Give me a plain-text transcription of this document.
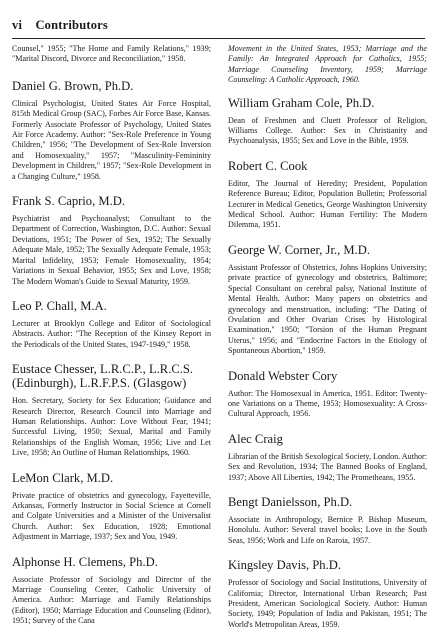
vi Contributors

Counsel," 1955; "The Home and Family Relations," 1939; "Marital Discord, Divorce and Reconciliation," 1958.

Daniel G. Brown, Ph.D.

Clinical Psychologist, United States Air Force Hospital, 815th Medical Group (SAC), Forbes Air Force Base, Kansas. Formerly Associate Professor of Psychology, United States Air Force Academy. Author: "Sex-Role Preference in Young Children," 1956; "The Development of Sex-Role Inversion and Homosexuality," 1957; "Masculinity-Femininity Development in Children," 1957; "Sex-Role Development in a Changing Culture," 1958.

Frank S. Caprio, M.D.

Psychiatrist and Psychoanalyst; Consultant to the Department of Correction, Washington, D.C. Author: Sexual Deviations, 1951; The Power of Sex, 1952; The Sexually Adequate Male, 1952; The Sexually Adequate Female, 1953; Marital Infidelity, 1953; Female Homosexuality, 1954; Variations in Sexual Behavior, 1955; Sex and Love, 1958; The Modern Woman's Guide to Sexual Maturity, 1959.

Leo P. Chall, M.A.

Lecturer at Brooklyn College and Editor of Sociological Abstracts. Author: "The Reception of the Kinsey Report in the Periodicals of the United States, 1947-1949," 1958.

Eustace Chesser, L.R.C.P., L.R.C.S. (Edinburgh), L.R.F.P.S. (Glasgow)

Hon. Secretary, Society for Sex Education; Guidance and Research Director, Research Council into Marriage and Human Relationships. Author: Love Without Fear, 1941; Successful Living, 1950; Sexual, Marital and Family Relationships of the English Woman, 1956; Live and Let Live, 1958; An Outline of Human Relationships, 1960.

LeMon Clark, M.D.

Private practice of obstetrics and gynecology, Fayetteville, Arkansas, Formerly Instructor in Social Science at Cornell and Colgate Universities and a Minister of the Universalist Church. Author: Sex Education, 1928; Emotional Adjustment in Marriage, 1937; Sex and You, 1949.

Alphonse H. Clemens, Ph.D.

Associate Professor of Sociology and Director of the Marriage Counseling Center, Catholic University of America. Author: Marriage and Family Relationships (Editor), 1950; Marriage Education and Counseling (Editor), 1951; Survey of the Cana

Movement in the United States, 1953; Marriage and the Family: An Integrated Approach for Catholics, 1955; Marriage Counseling Inventory, 1959; Marriage Counseling: A Catholic Approach, 1960.

William Graham Cole, Ph.D.

Dean of Freshmen and Cluett Professor of Religion, Williams College. Author: Sex in Christianity and Psychoanalysis, 1955; Sex and Love in the Bible, 1959.

Robert C. Cook

Editor, The Journal of Heredity; President, Population Reference Bureau; Editor, Population Bulletin; Professorial Lecturer in Medical Genetics, George Washington University Medical School. Author: Human Fertility: The Modern Dilemma, 1951.

George W. Corner, Jr., M.D.

Assistant Professor of Obstetrics, Johns Hopkins University; private practice of gynecology and obstetrics, Baltimore; Special Consultant on cerebral palsy, National Institute of Mental Health. Author: Many papers on obstetrics and gynecology and menstruation, including: "The Dating of Ovulation and Other Ovarian Crises by Histological Examination," 1950; "Torsion of the Human Pregnant Uterus," 1956; and "Endocrine Factors in the Etiology of Spontaneous Abortion," 1959.

Donald Webster Cory

Author: The Homosexual in America, 1951. Editor: Twenty-one Variations on a Theme, 1953; Homosexuality: A Cross-Cultural Approach, 1956.

Alec Craig

Librarian of the British Sexological Society, London. Author: Sex and Revolution, 1934; The Banned Books of England, 1937; Above All Liberties, 1942; The Prometheans, 1955.

Bengt Danielsson, Ph.D.

Associate in Anthropology, Bernice P. Bishop Museum, Honolulu. Author: Several travel books; Love in the South Seas, 1956; Work and Life on Raroia, 1957.

Kingsley Davis, Ph.D.

Professor of Sociology and Social Institutions, University of California; Director, International Urban Research; Past President, American Sociological Society. Author: Human Society, 1949; Population of India and Pakistan, 1951; The World's Metropolitan Areas, 1959.
